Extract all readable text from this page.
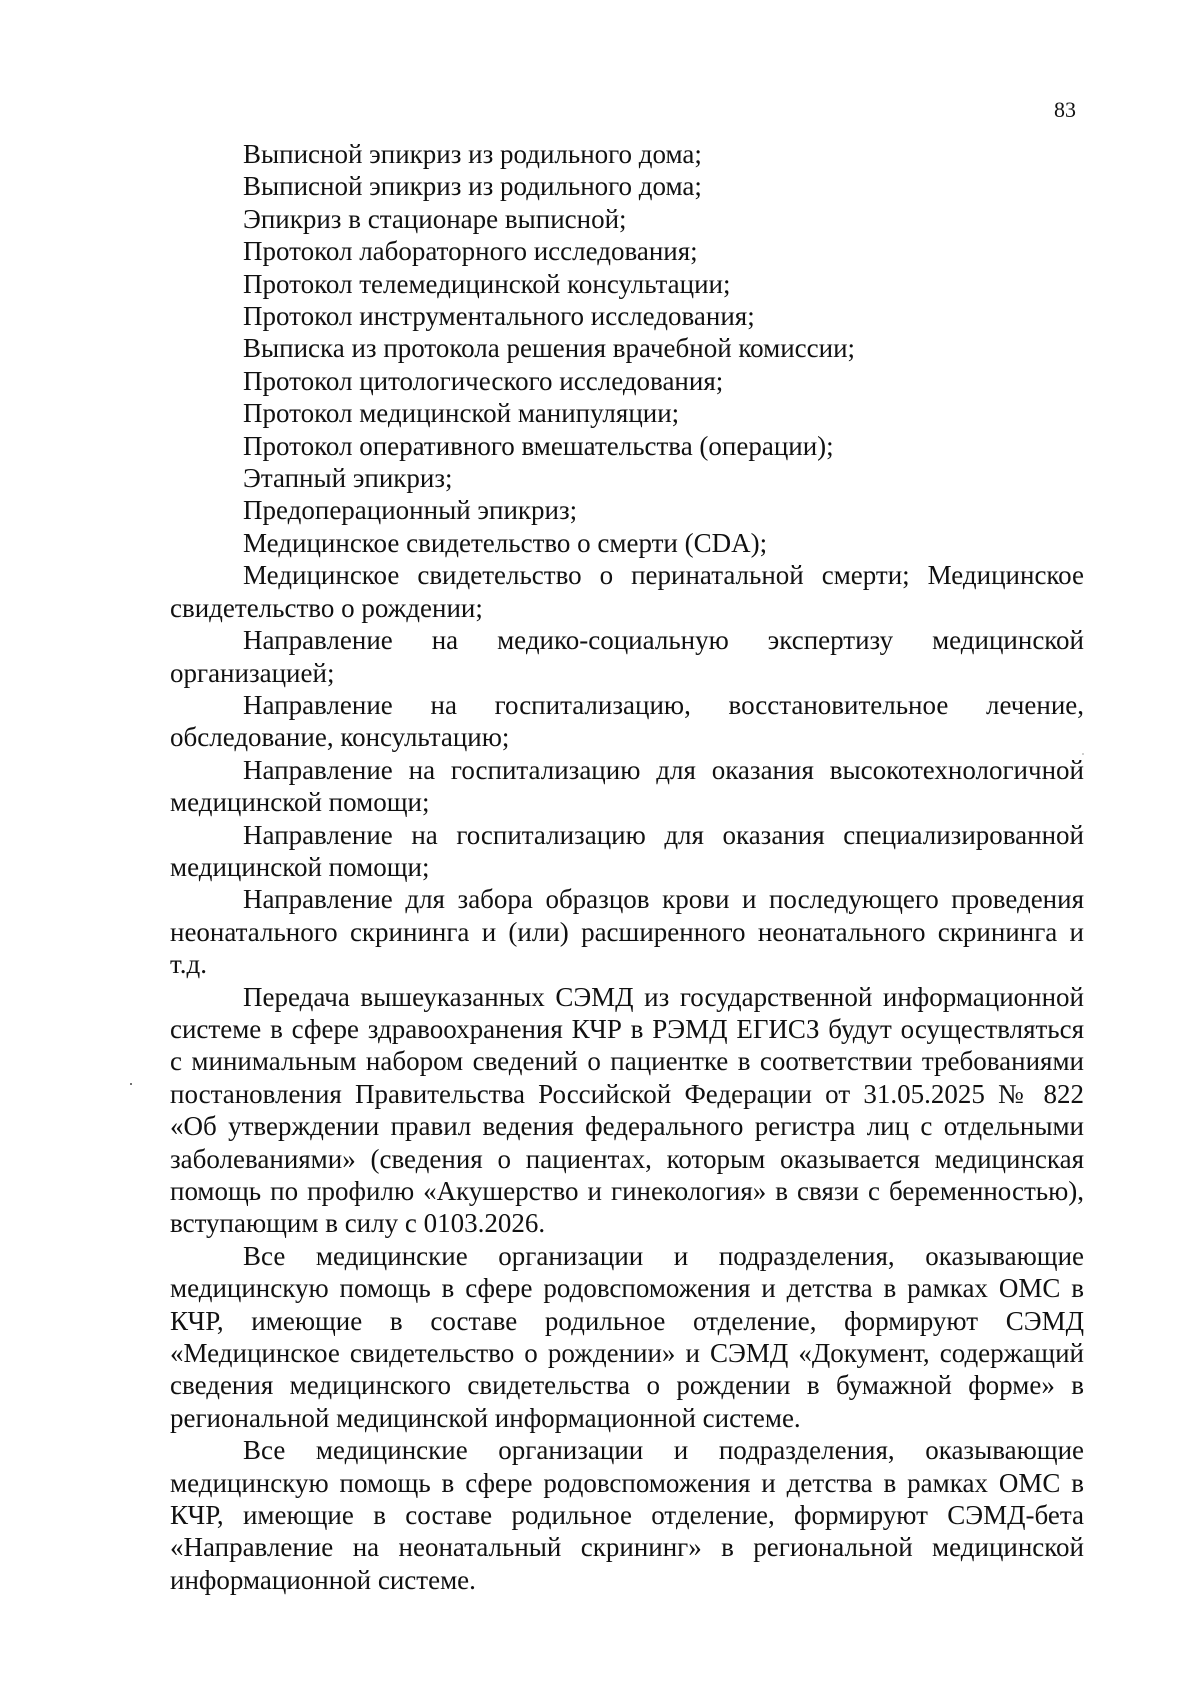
83

Выписной эпикриз из родильного дома;

Выписной эпикриз из родильного дома;

Эпикриз в стационаре выписной;

Протокол лабораторного исследования;

Протокол телемедицинской консультации;

Протокол инструментального исследования;

Выписка из протокола решения врачебной комиссии;

Протокол цитологического исследования;

Протокол медицинской манипуляции;

Протокол оперативного вмешательства (операции);

Этапный эпикриз;

Предоперационный эпикриз;

Медицинское свидетельство о смерти (CDA);

Медицинское свидетельство о перинатальной смерти; Медицинское свидетельство о рождении;

Направление на медико-социальную экспертизу медицинской организацией;

Направление на госпитализацию, восстановительное лечение, обследование, консультацию;

Направление на госпитализацию для оказания высокотехнологичной медицинской помощи;

Направление на госпитализацию для оказания специализированной медицинской помощи;

Направление для забора образцов крови и последующего проведения неонатального скрининга и (или) расширенного неонатального скрининга и т.д.

Передача вышеуказанных СЭМД из государственной информационной системе в сфере здравоохранения КЧР в РЭМД ЕГИСЗ будут осуществляться с минимальным набором сведений о пациентке в соответствии требованиями постановления Правительства Российской Федерации от 31.05.2025 № 822 «Об утверждении правил ведения федерального регистра лиц с отдельными заболеваниями» (сведения о пациентах, которым оказывается медицинская помощь по профилю «Акушерство и гинекология» в связи с беременностью), вступающим в силу с 0103.2026.

Все медицинские организации и подразделения, оказывающие медицинскую помощь в сфере родовспоможения и детства в рамках ОМС в КЧР, имеющие в составе родильное отделение, формируют СЭМД «Медицинское свидетельство о рождении» и СЭМД «Документ, содержащий сведения медицинского свидетельства о рождении в бумажной форме» в региональной медицинской информационной системе.

Все медицинские организации и подразделения, оказывающие медицинскую помощь в сфере родовспоможения и детства в рамках ОМС в КЧР, имеющие в составе родильное отделение, формируют СЭМД-бета «Направление на неонатальный скрининг» в региональной медицинской информационной системе.
